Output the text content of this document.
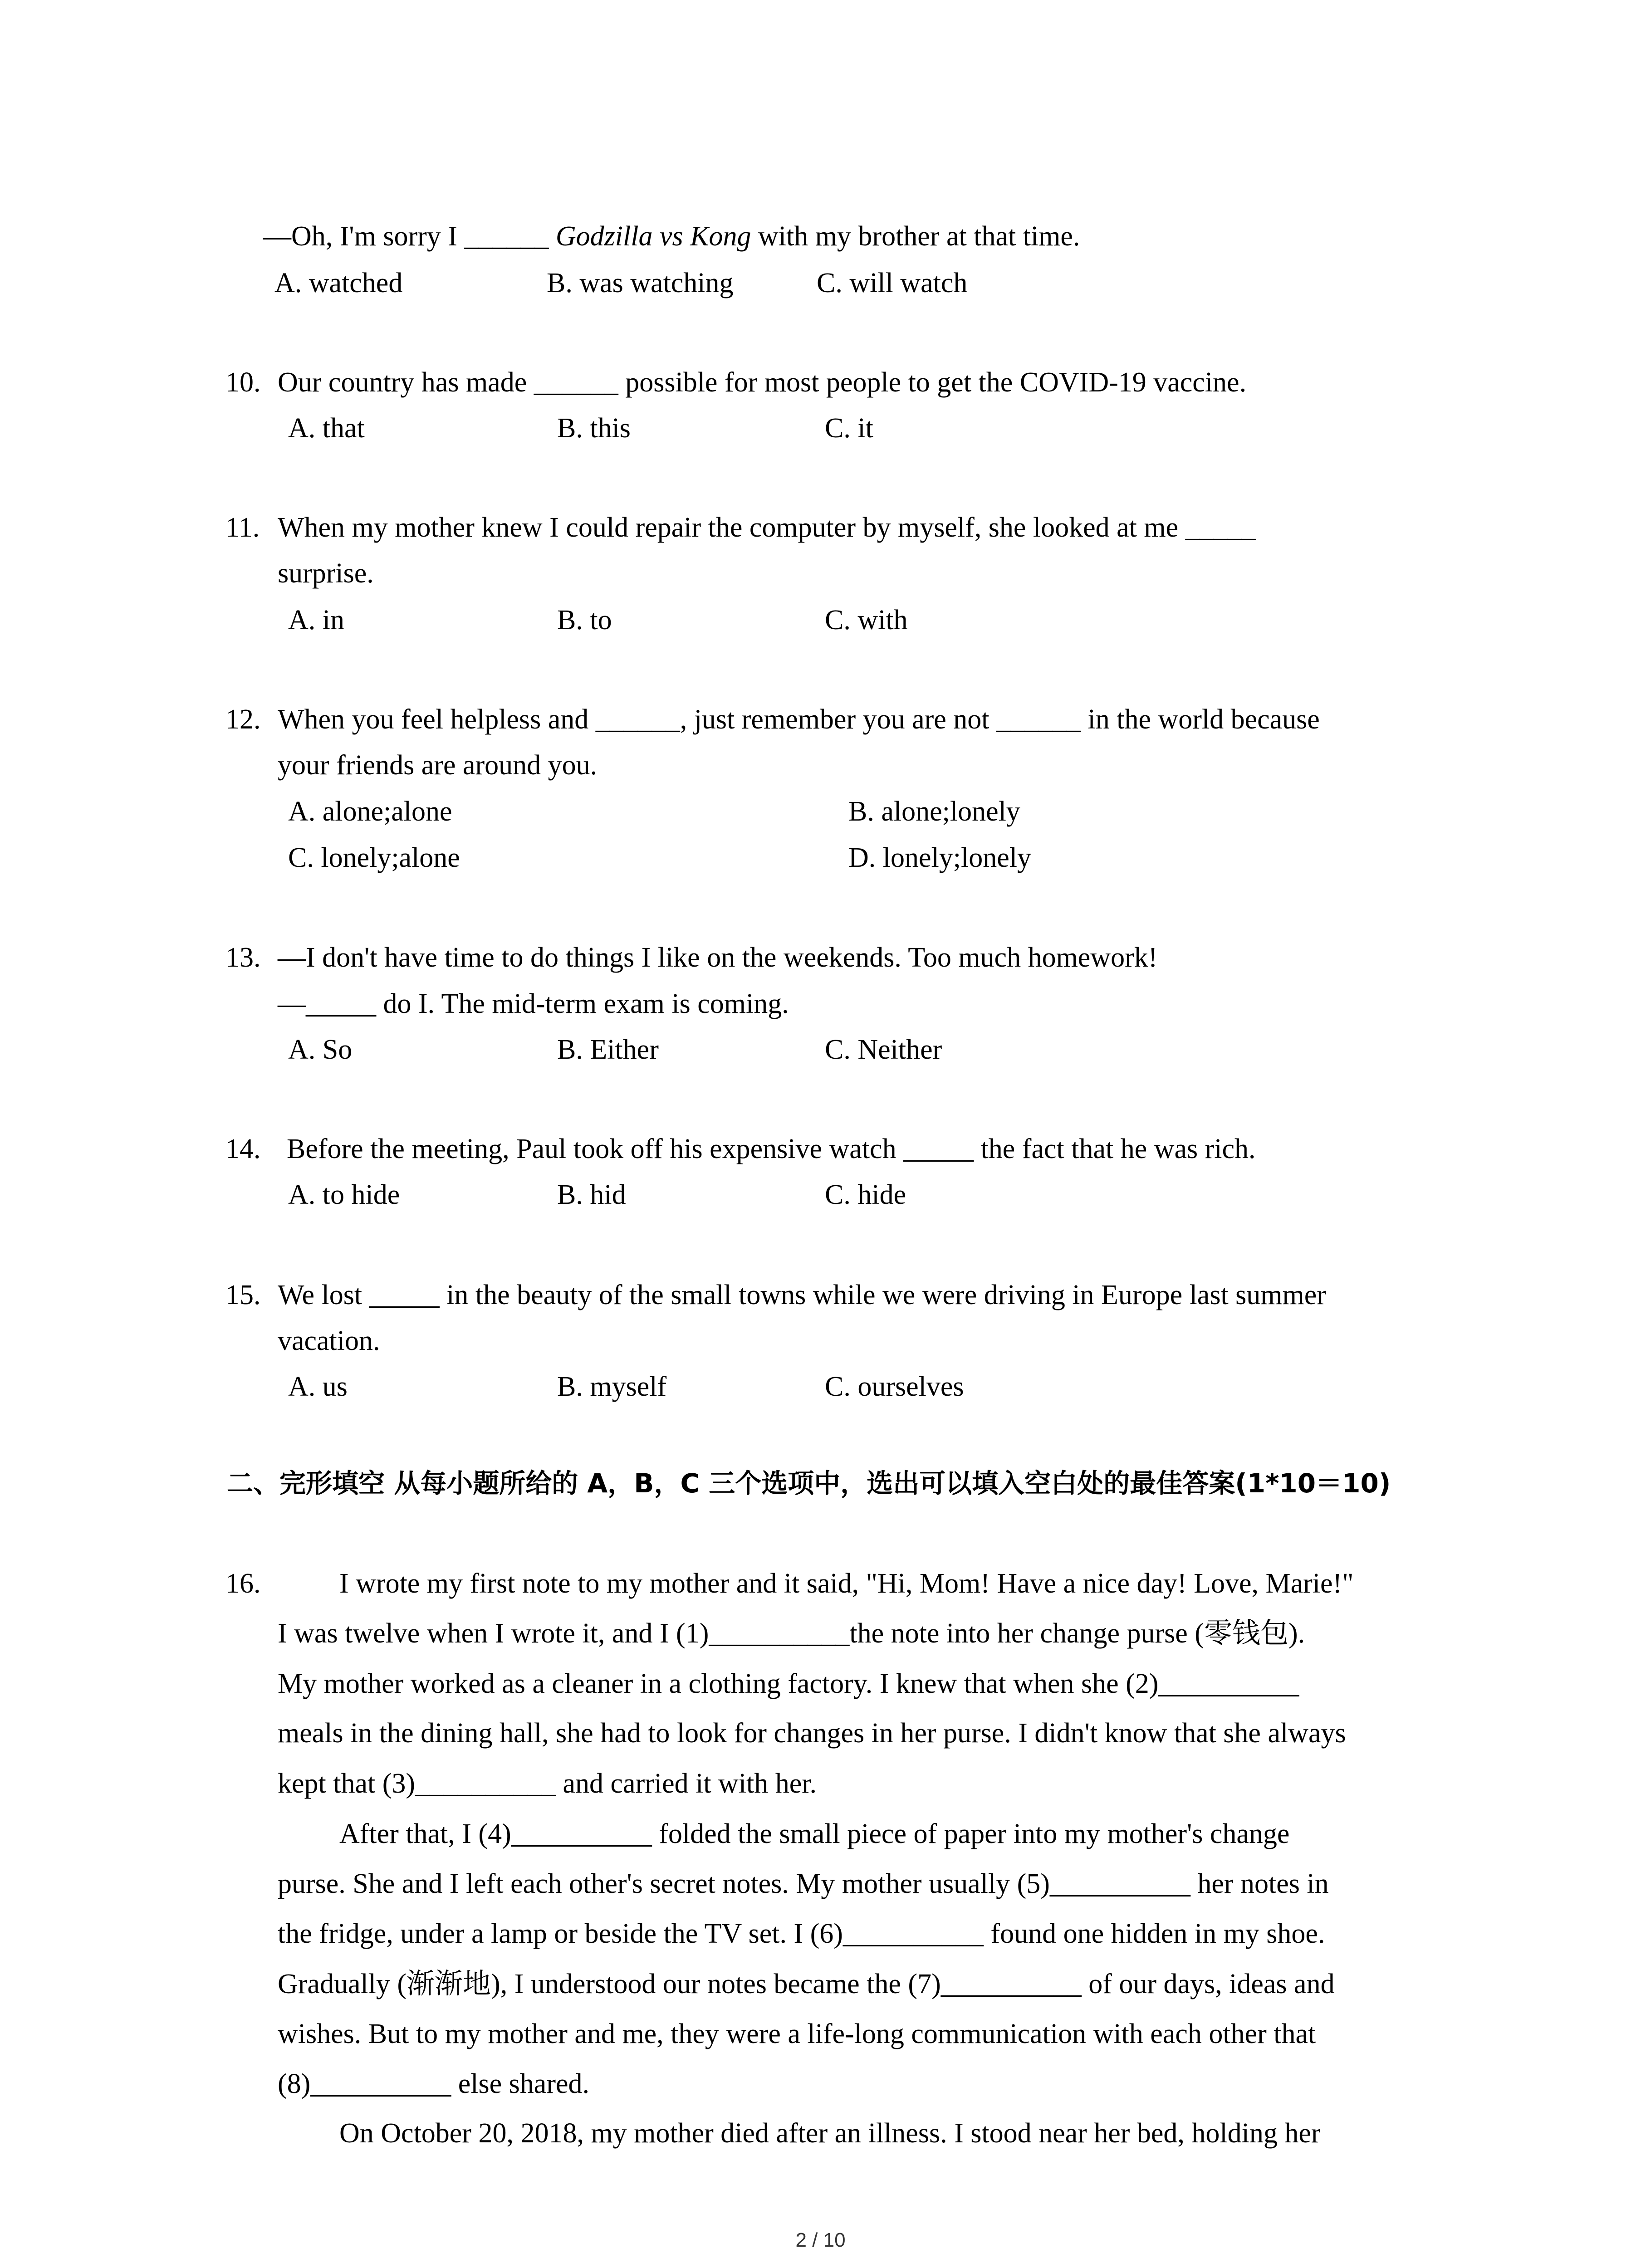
—Oh, I'm sorry I ______ Godzilla vs Kong with my brother at that time.
A. watched	B. was watching	C. will watch
10. Our country has made ______ possible for most people to get the COVID-19 vaccine.
A. that	B. this	C. it
11. When my mother knew I could repair the computer by myself, she looked at me _____
surprise.
A. in	B. to	C. with
12. When you feel helpless and ______, just remember you are not ______ in the world because
your friends are around you.
A. alone;alone	B. alone;lonely
C. lonely;alone	D. lonely;lonely
13. —I don't have time to do things I like on the weekends. Too much homework!
—_____ do I. The mid-term exam is coming.
A. So	B. Either	C. Neither
14. Before the meeting, Paul took off his expensive watch _____ the fact that he was rich.
A. to hide	B. hid	C. hide
15. We lost _____ in the beauty of the small towns while we were driving in Europe last summer
vacation.
A. us	B. myself	C. ourselves
二、完形填空 从每小题所给的 A，B，C 三个选项中，选出可以填入空白处的最佳答案(1*10＝10)
16.	I wrote my first note to my mother and it said, "Hi, Mom! Have a nice day! Love, Marie!"
I was twelve when I wrote it, and I (1)__________the note into her change purse (零钱包).
My mother worked as a cleaner in a clothing factory. I knew that when she (2)__________
meals in the dining hall, she had to look for changes in her purse. I didn't know that she always
kept that (3)__________ and carried it with her.
After that, I (4)__________ folded the small piece of paper into my mother's change
purse. She and I left each other's secret notes. My mother usually (5)__________ her notes in
the fridge, under a lamp or beside the TV set. I (6)__________ found one hidden in my shoe.
Gradually (渐渐地), I understood our notes became the (7)__________ of our days, ideas and
wishes. But to my mother and me, they were a life-long communication with each other that
(8)__________ else shared.
On October 20, 2018, my mother died after an illness. I stood near her bed, holding her
2 / 10
